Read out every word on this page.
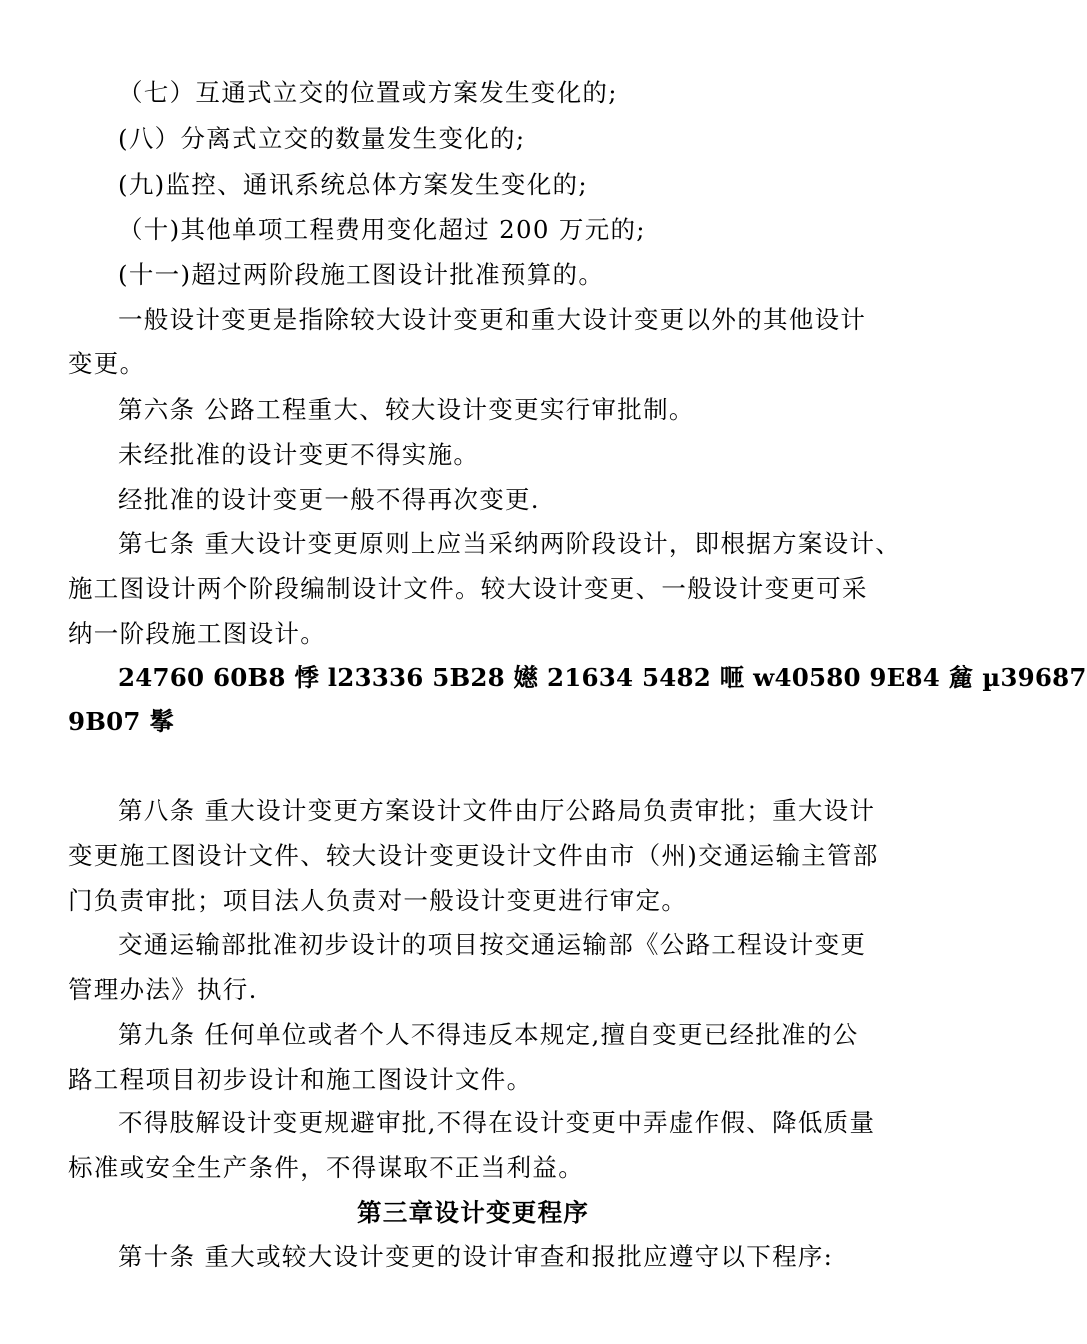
（七）互通式立交的位置或方案发生变化的;
(八）分离式立交的数量发生变化的;
(九)监控、通讯系统总体方案发生变化的;
（十)其他单项工程费用变化超过 200 万元的;
(十一)超过两阶段施工图设计批准预算的。
一般设计变更是指除较大设计变更和重大设计变更以外的其他设计
变更。
第六条 公路工程重大、较大设计变更实行审批制。
未经批准的设计变更不得实施。
经批准的设计变更一般不得再次变更.
第七条 重大设计变更原则上应当采纳两阶段设计，即根据方案设计、
施工图设计两个阶段编制设计文件。较大设计变更、一般设计变更可采
纳一阶段施工图设计。
24760 60B8 悸 l23336 5B28 嬨 21634 5482 咂 w40580 9E84 麄 µ39687
9B07 鬇
第八条 重大设计变更方案设计文件由厅公路局负责审批；重大设计
变更施工图设计文件、较大设计变更设计文件由市（州)交通运输主管部
门负责审批；项目法人负责对一般设计变更进行审定。
交通运输部批准初步设计的项目按交通运输部《公路工程设计变更
管理办法》执行.
第九条 任何单位或者个人不得违反本规定,擅自变更已经批准的公
路工程项目初步设计和施工图设计文件。
不得肢解设计变更规避审批,不得在设计变更中弄虚作假、降低质量
标准或安全生产条件，不得谋取不正当利益。
第三章设计变更程序
第十条 重大或较大设计变更的设计审查和报批应遵守以下程序:
